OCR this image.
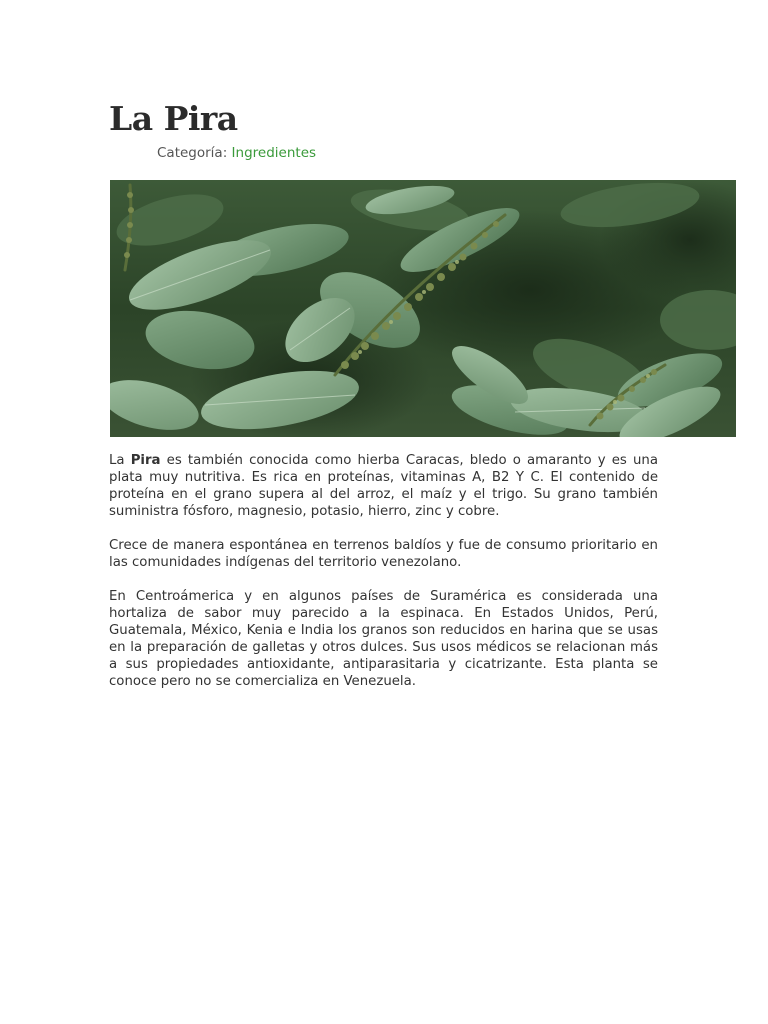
La Pira
Categoría: Ingredientes

La Pira es también conocida como hierba Caracas, bledo o amaranto y es una plata muy nutritiva. Es rica en proteínas, vitaminas A, B2 Y C. El contenido de proteína en el grano supera al del arroz, el maíz y el trigo. Su grano también suministra fósforo, magnesio, potasio, hierro, zinc y cobre.

Crece de manera espontánea en terrenos baldíos y fue de consumo prioritario en las comunidades indígenas del territorio venezolano.

En Centroámerica y en algunos países de Suramérica es considerada una hortaliza de sabor muy parecido a la espinaca. En Estados Unidos, Perú, Guatemala, México, Kenia e India los granos son reducidos en harina que se usas en la preparación de galletas y otros dulces. Sus usos médicos se relacionan más a sus propiedades antioxidante, antiparasitaria y cicatrizante. Esta planta se conoce pero no se comercializa en Venezuela.
